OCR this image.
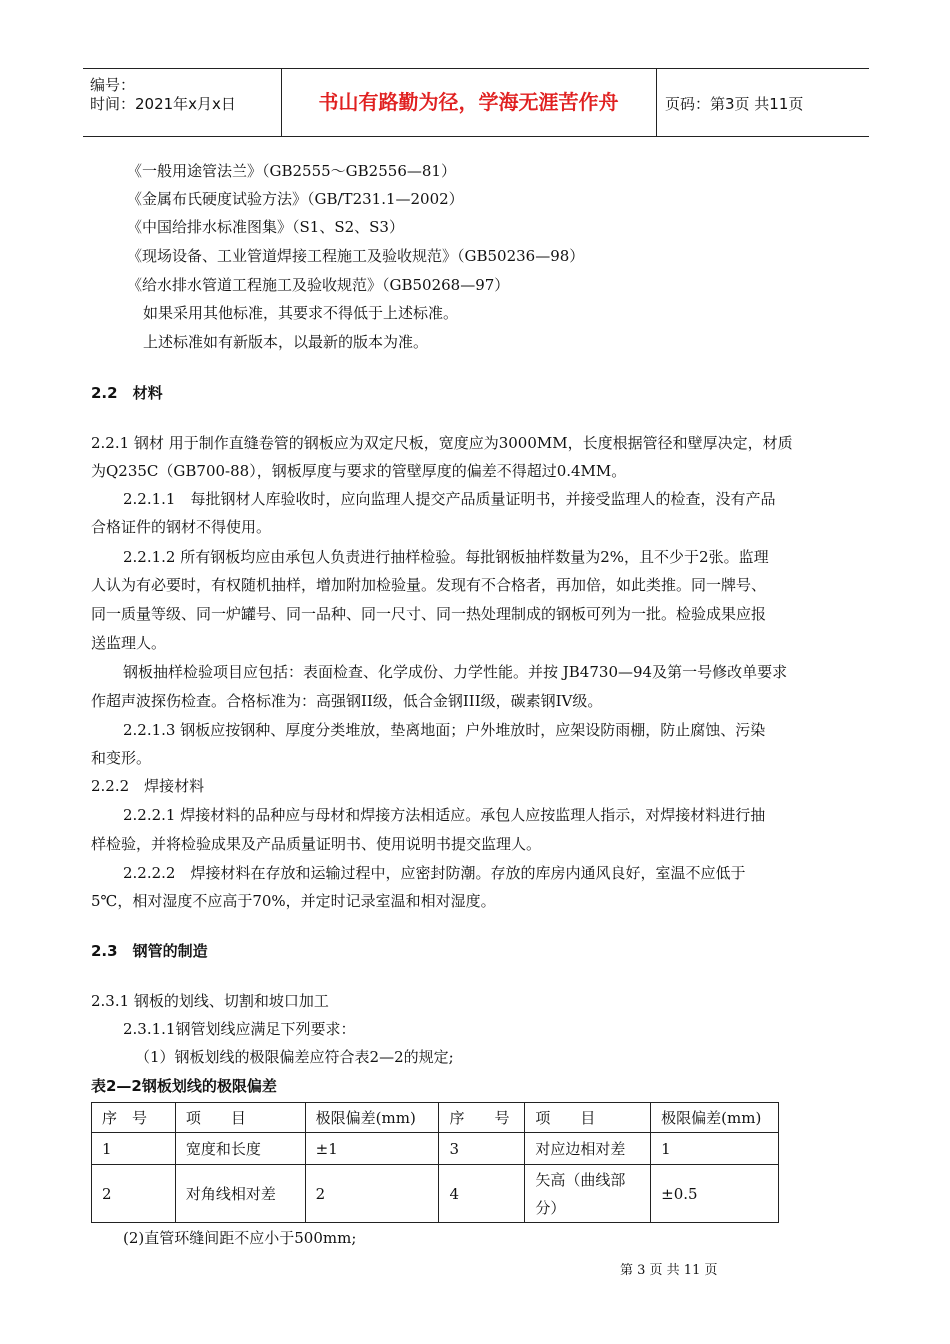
编号：
时间：2021年x月x日	书山有路勤为径，学海无涯苦作舟	页码：第3页 共11页
《一般用途管法兰》（GB2555～GB2556—81）
《金属布氏硬度试验方法》（GB/T231.1—2002）
《中国给排水标准图集》（S1、S2、S3）
《现场设备、工业管道焊接工程施工及验收规范》（GB50236—98）
《给水排水管道工程施工及验收规范》（GB50268—97）
如果采用其他标准，其要求不得低于上述标准。
上述标准如有新版本，以最新的版本为准。
2.2　材料
2.2.1 钢材 用于制作直缝卷管的钢板应为双定尺板，宽度应为3000MM，长度根据管径和壁厚决定，材质
为Q235C（GB700-88），钢板厚度与要求的管壁厚度的偏差不得超过0.4MM。
2.2.1.1　每批钢材人库验收时，应向监理人提交产品质量证明书，并接受监理人的检查，没有产品
合格证件的钢材不得使用。
2.2.1.2 所有钢板均应由承包人负责进行抽样检验。每批钢板抽样数量为2%，且不少于2张。监理
人认为有必要时，有权随机抽样，增加附加检验量。发现有不合格者，再加倍，如此类推。同一牌号、
同一质量等级、同一炉罐号、同一品种、同一尺寸、同一热处理制成的钢板可列为一批。检验成果应报
送监理人。
钢板抽样检验项目应包括：表面检查、化学成份、力学性能。并按 JB4730—94及第一号修改单要求
作超声波探伤检查。合格标准为：高强钢II级，低合金钢III级，碳素钢IV级。
2.2.1.3 钢板应按钢种、厚度分类堆放，垫离地面；户外堆放时，应架设防雨棚，防止腐蚀、污染
和变形。
2.2.2　焊接材料
2.2.2.1 焊接材料的品种应与母材和焊接方法相适应。承包人应按监理人指示，对焊接材料进行抽
样检验，并将检验成果及产品质量证明书、使用说明书提交监理人。
2.2.2.2　焊接材料在存放和运输过程中，应密封防潮。存放的库房内通风良好，室温不应低于
5℃，相对湿度不应高于70%，并定时记录室温和相对湿度。
2.3　钢管的制造
2.3.1 钢板的划线、切割和坡口加工
2.3.1.1钢管划线应满足下列要求：
（1）钢板划线的极限偏差应符合表2—2的规定;
表2—2钢板划线的极限偏差
序　号	项　　目	极限偏差(mm)	序　　号	项　　目	极限偏差(mm)
1	宽度和长度	±1	3	对应边相对差	1
2	对角线相对差	2	4	矢高（曲线部分）	±0.5
(2)直管环缝间距不应小于500mm;
第 3 页 共 11 页
